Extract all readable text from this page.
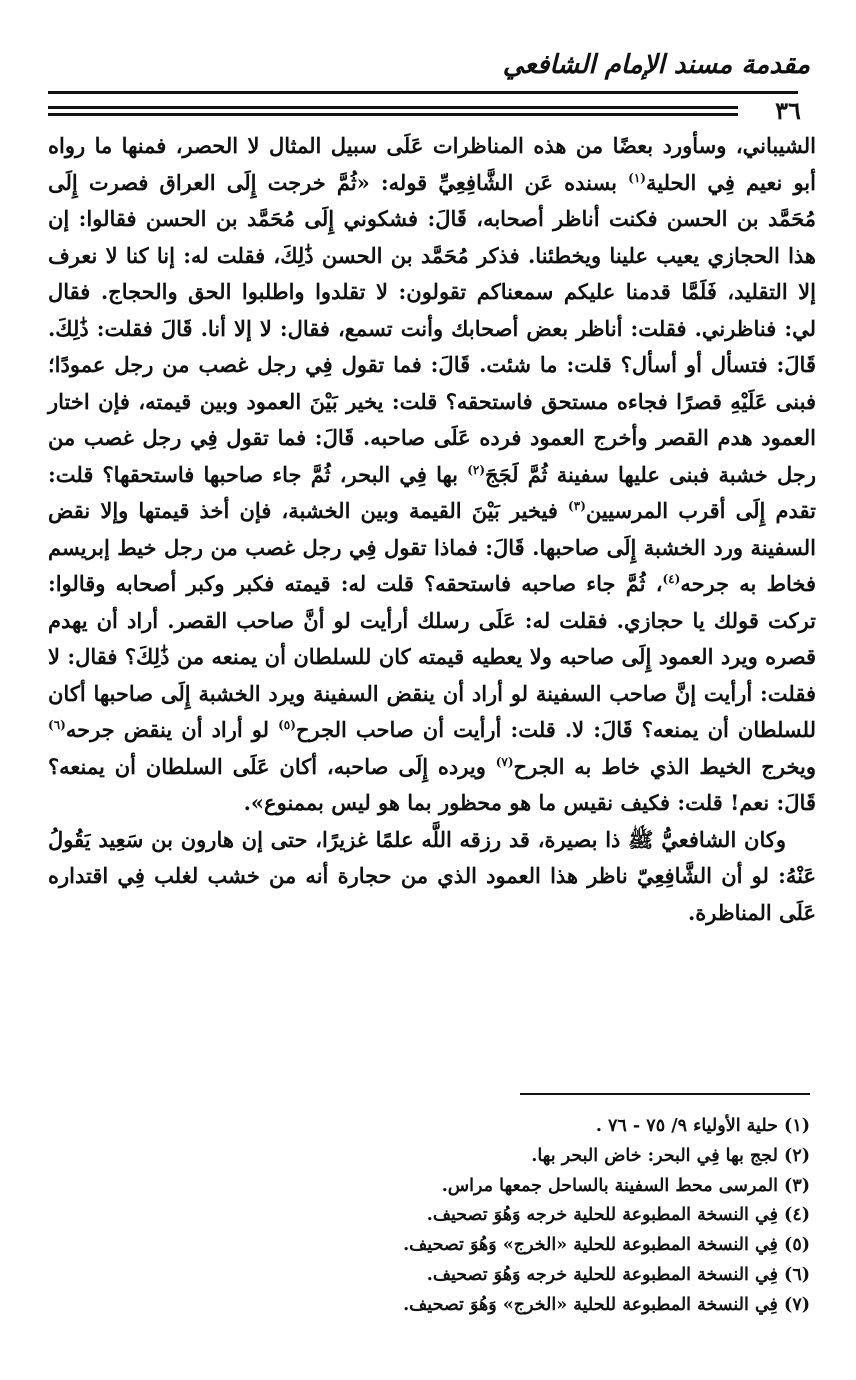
مقدمة مسند الإمام الشافعي
٣٦

الشيباني، وسأورد بعضًا من هذه المناظرات عَلَى سبيل المثال لا الحصر، فمنها ما رواه أبو نعيم فِي الحلية$^{(١)}$ بسنده عَن الشَّافِعِيِّ قوله: «ثُمَّ خرجت إِلَى العراق فصرت إِلَى مُحَمَّد بن الحسن فكنت أناظر أصحابه، قَالَ: فشكوني إِلَى مُحَمَّد بن الحسن فقالوا: إن هذا الحجازي يعيب علينا ويخطئنا. فذكر مُحَمَّد بن الحسن ذَٰلِكَ، فقلت له: إنا كنا لا نعرف إلا التقليد، فَلَمَّا قدمنا عليكم سمعناكم تقولون: لا تقلدوا واطلبوا الحق والحجاج. فقال لي: فناظرني. فقلت: أناظر بعض أصحابك وأنت تسمع، فقال: لا إلا أنا. قَالَ فقلت: ذَٰلِكَ. قَالَ: فتسأل أو أسأل؟ قلت: ما شئت. قَالَ: فما تقول فِي رجل غصب من رجل عمودًا؛ فبنى عَلَيْهِ قصرًا فجاءه مستحق فاستحقه؟ قلت: يخير بَيْنَ العمود وبين قيمته، فإن اختار العمود هدم القصر وأخرج العمود فرده عَلَى صاحبه. قَالَ: فما تقول فِي رجل غصب من رجل خشبة فبنى عليها سفينة ثُمَّ لَجَجَ$^{(٢)}$ بها فِي البحر، ثُمَّ جاء صاحبها فاستحقها؟ قلت: تقدم إِلَى أقرب المرسيين$^{(٣)}$ فيخير بَيْنَ القيمة وبين الخشبة، فإن أخذ قيمتها وإلا نقض السفينة ورد الخشبة إِلَى صاحبها. قَالَ: فماذا تقول فِي رجل غصب من رجل خيط إبريسم فخاط به جرحه$^{(٤)}$، ثُمَّ جاء صاحبه فاستحقه؟ قلت له: قيمته فكبر وكبر أصحابه وقالوا: تركت قولك يا حجازي. فقلت له: عَلَى رسلك أرأيت لو أنَّ صاحب القصر. أراد أن يهدم قصره ويرد العمود إِلَى صاحبه ولا يعطيه قيمته كان للسلطان أن يمنعه من ذَٰلِكَ؟ فقال: لا فقلت: أرأيت إنَّ صاحب السفينة لو أراد أن ينقض السفينة ويرد الخشبة إِلَى صاحبها أكان للسلطان أن يمنعه؟ قَالَ: لا. قلت: أرأيت أن صاحب الجرح$^{(٥)}$ لو أراد أن ينقض جرحه$^{(٦)}$ ويخرج الخيط الذي خاط به الجرح$^{(٧)}$ ويرده إِلَى صاحبه، أكان عَلَى السلطان أن يمنعه؟ قَالَ: نعم! قلت: فكيف نقيس ما هو محظور بما هو ليس بممنوع».

وكان الشافعيُّ ﷺ ذا بصيرة، قد رزقه اللَّه علمًا غزيرًا، حتى إن هارون بن سَعِيد يَقُولُ عَنْهُ: لو أن الشَّافِعِيّ ناظر هذا العمود الذي من حجارة أنه من خشب لغلب فِي اقتداره عَلَى المناظرة.

(١) حلية الأولياء ٩/ ٧٥ - ٧٦ .
(٢) لجج بها فِي البحر: خاض البحر بها.
(٣) المرسى محط السفينة بالساحل جمعها مراس.
(٤) فِي النسخة المطبوعة للحلية خرجه وَهُوَ تصحيف.
(٥) فِي النسخة المطبوعة للحلية «الخرج» وَهُوَ تصحيف.
(٦) فِي النسخة المطبوعة للحلية خرجه وَهُوَ تصحيف.
(٧) فِي النسخة المطبوعة للحلية «الخرج» وَهُوَ تصحيف.
